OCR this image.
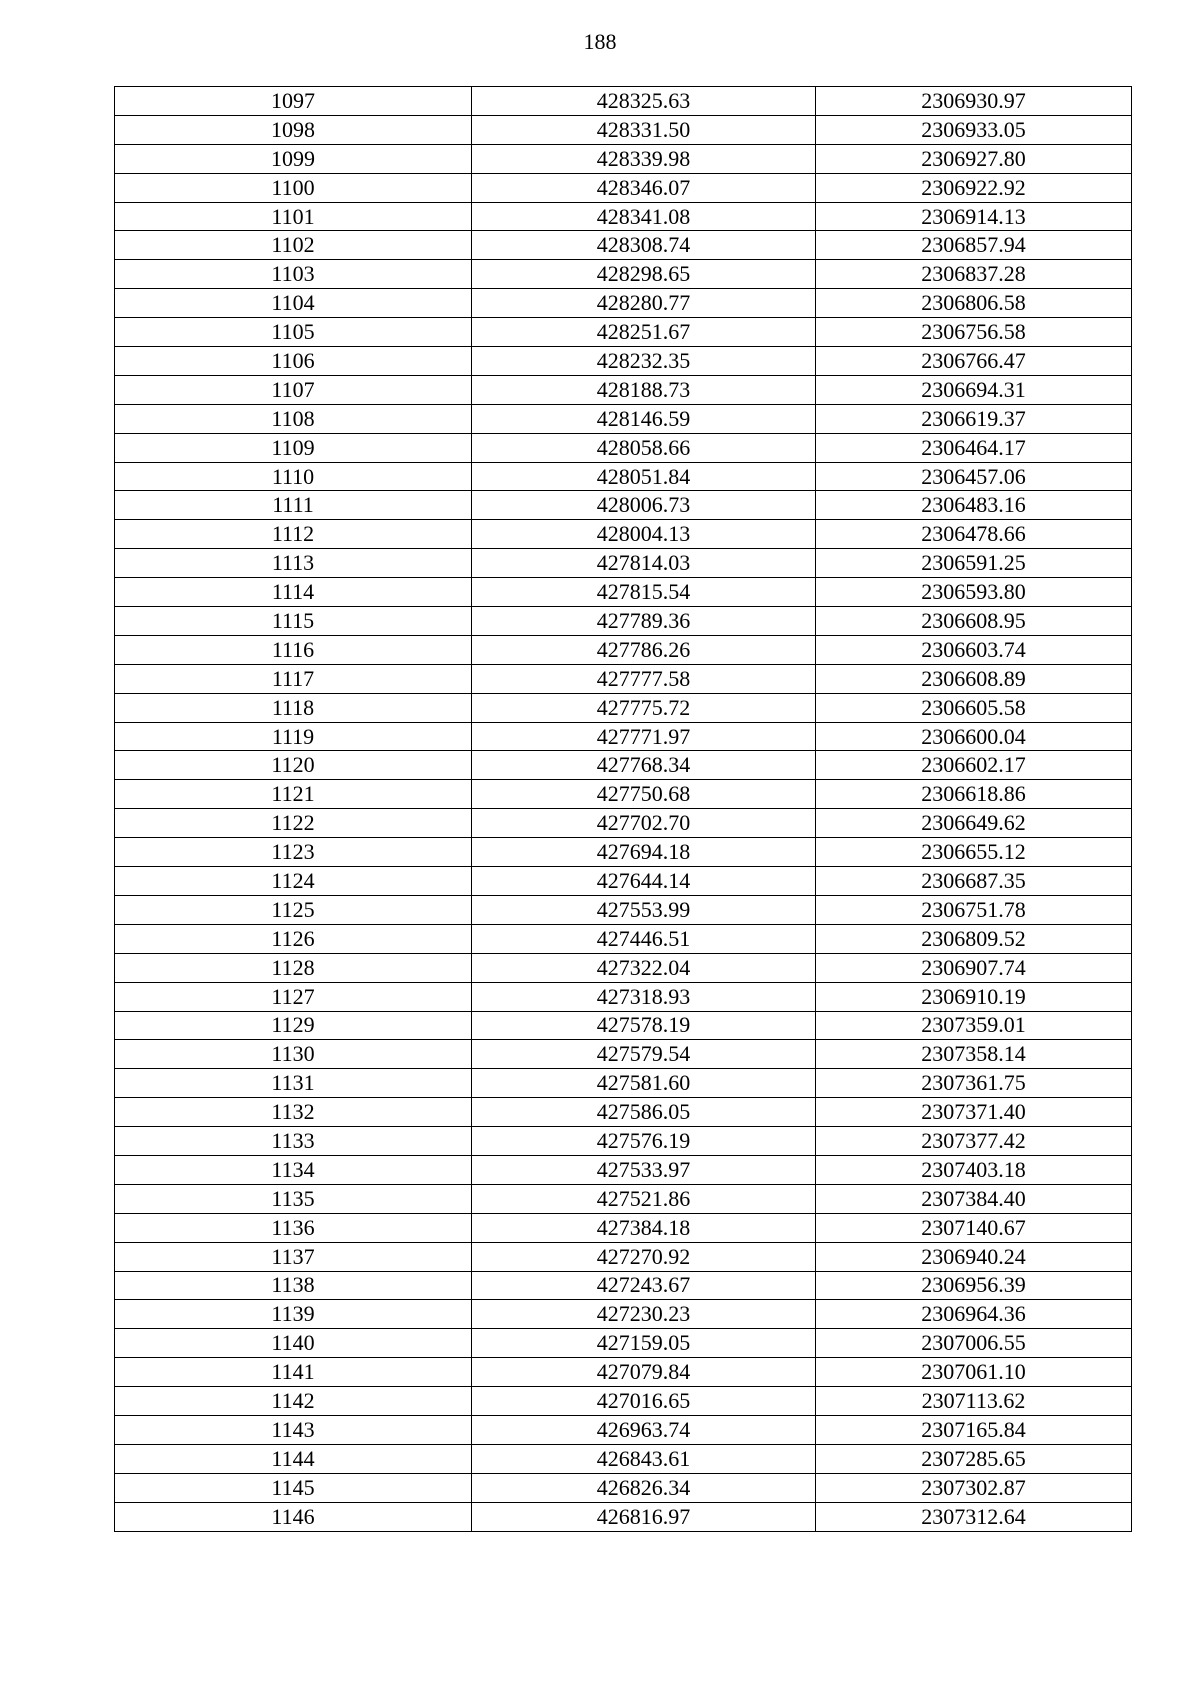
188
1097	428325.63	2306930.97
1098	428331.50	2306933.05
1099	428339.98	2306927.80
1100	428346.07	2306922.92
1101	428341.08	2306914.13
1102	428308.74	2306857.94
1103	428298.65	2306837.28
1104	428280.77	2306806.58
1105	428251.67	2306756.58
1106	428232.35	2306766.47
1107	428188.73	2306694.31
1108	428146.59	2306619.37
1109	428058.66	2306464.17
1110	428051.84	2306457.06
1111	428006.73	2306483.16
1112	428004.13	2306478.66
1113	427814.03	2306591.25
1114	427815.54	2306593.80
1115	427789.36	2306608.95
1116	427786.26	2306603.74
1117	427777.58	2306608.89
1118	427775.72	2306605.58
1119	427771.97	2306600.04
1120	427768.34	2306602.17
1121	427750.68	2306618.86
1122	427702.70	2306649.62
1123	427694.18	2306655.12
1124	427644.14	2306687.35
1125	427553.99	2306751.78
1126	427446.51	2306809.52
1128	427322.04	2306907.74
1127	427318.93	2306910.19
1129	427578.19	2307359.01
1130	427579.54	2307358.14
1131	427581.60	2307361.75
1132	427586.05	2307371.40
1133	427576.19	2307377.42
1134	427533.97	2307403.18
1135	427521.86	2307384.40
1136	427384.18	2307140.67
1137	427270.92	2306940.24
1138	427243.67	2306956.39
1139	427230.23	2306964.36
1140	427159.05	2307006.55
1141	427079.84	2307061.10
1142	427016.65	2307113.62
1143	426963.74	2307165.84
1144	426843.61	2307285.65
1145	426826.34	2307302.87
1146	426816.97	2307312.64
